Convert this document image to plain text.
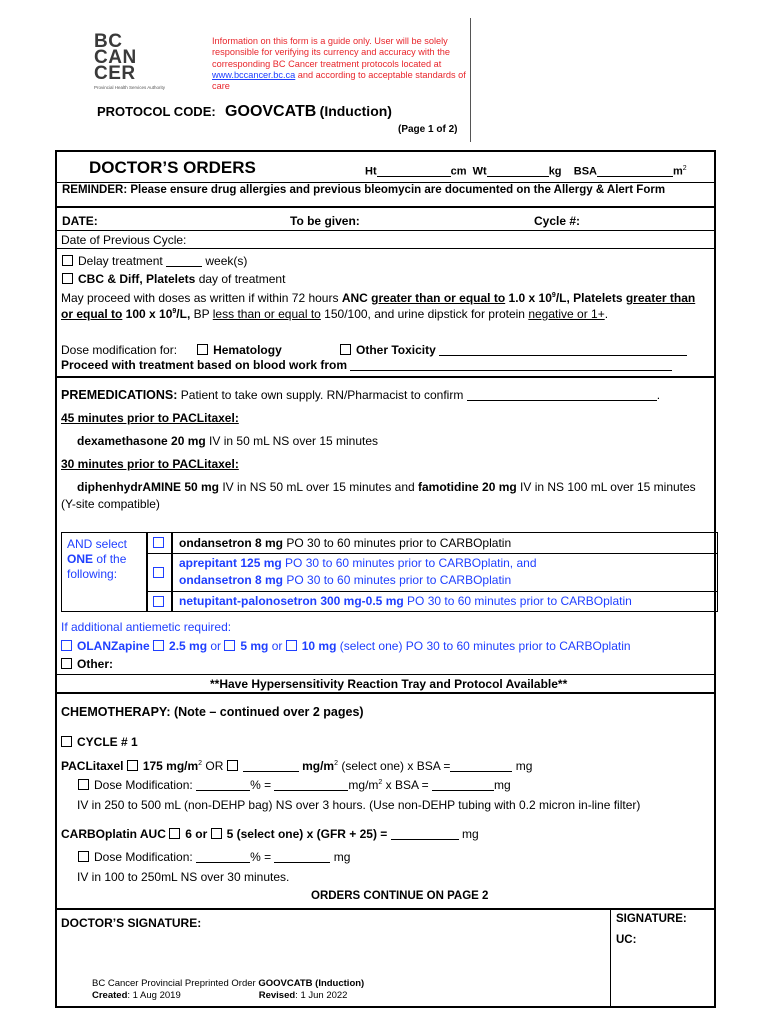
BC
CAN
CER
Provincial Health Services Authority
Information on this form is a guide only. User will be solely responsible for verifying its currency and accuracy with the corresponding BC Cancer treatment protocols located at www.bccancer.bc.ca and according to acceptable standards of care
PROTOCOL CODE: GOOVCATB (Induction)
(Page 1 of 2)
DOCTOR’S ORDERS	Ht	cm Wt	kg BSA	$m^2$
REMINDER: Please ensure drug allergies and previous bleomycin are documented on the Allergy & Alert Form
DATE:	To be given:	Cycle #:
Date of Previous Cycle:
Delay treatment	week(s)
CBC & Diff, Platelets day of treatment
May proceed with doses as written if within 72 hours ANC greater than or equal to 1.0 x $10^9/L$, Platelets greater than
or equal to 100 x $10^9/L$, BP less than or equal to 150/100, and urine dipstick for protein negative or 1+.
Dose modification for:	Hematology	Other Toxicity
Proceed with treatment based on blood work from
PREMEDICATIONS: Patient to take own supply. RN/Pharmacist to confirm	.
45 minutes prior to PACLitaxel:
dexamethasone 20 mg IV in 50 mL NS over 15 minutes
30 minutes prior to PACLitaxel:
diphenhydrAMINE 50 mg IV in NS 50 mL over 15 minutes and famotidine 20 mg IV in NS 100 mL over 15 minutes
(Y-site compatible)
AND select
ONE of the
following:
ondansetron 8 mg PO 30 to 60 minutes prior to CARBOplatin
aprepitant 125 mg PO 30 to 60 minutes prior to CARBOplatin, and
ondansetron 8 mg PO 30 to 60 minutes prior to CARBOplatin
netupitant-palonosetron 300 mg-0.5 mg PO 30 to 60 minutes prior to CARBOplatin
If additional antiemetic required:
OLANZapine 2.5 mg or 5 mg or 10 mg (select one) PO 30 to 60 minutes prior to CARBOplatin
Other:
**Have Hypersensitivity Reaction Tray and Protocol Available**
CHEMOTHERAPY: (Note – continued over 2 pages)
CYCLE # 1
PACLitaxel 175 $mg/m^2$ OR	$mg/m^2$ (select one) x BSA =	mg
Dose Modification:	% =	$mg/m^2$ x BSA =	mg
IV in 250 to 500 mL (non-DEHP bag) NS over 3 hours. (Use non-DEHP tubing with 0.2 micron in-line filter)
CARBOplatin AUC 6 or 5 (select one) x (GFR + 25) =	mg
Dose Modification:	% =	mg
IV in 100 to 250mL NS over 30 minutes.
ORDERS CONTINUE ON PAGE 2
DOCTOR’S SIGNATURE:	SIGNATURE:
UC:
BC Cancer Provincial Preprinted Order GOOVCATB (Induction)
Created: 1 Aug 2019	Revised: 1 Jun 2022
